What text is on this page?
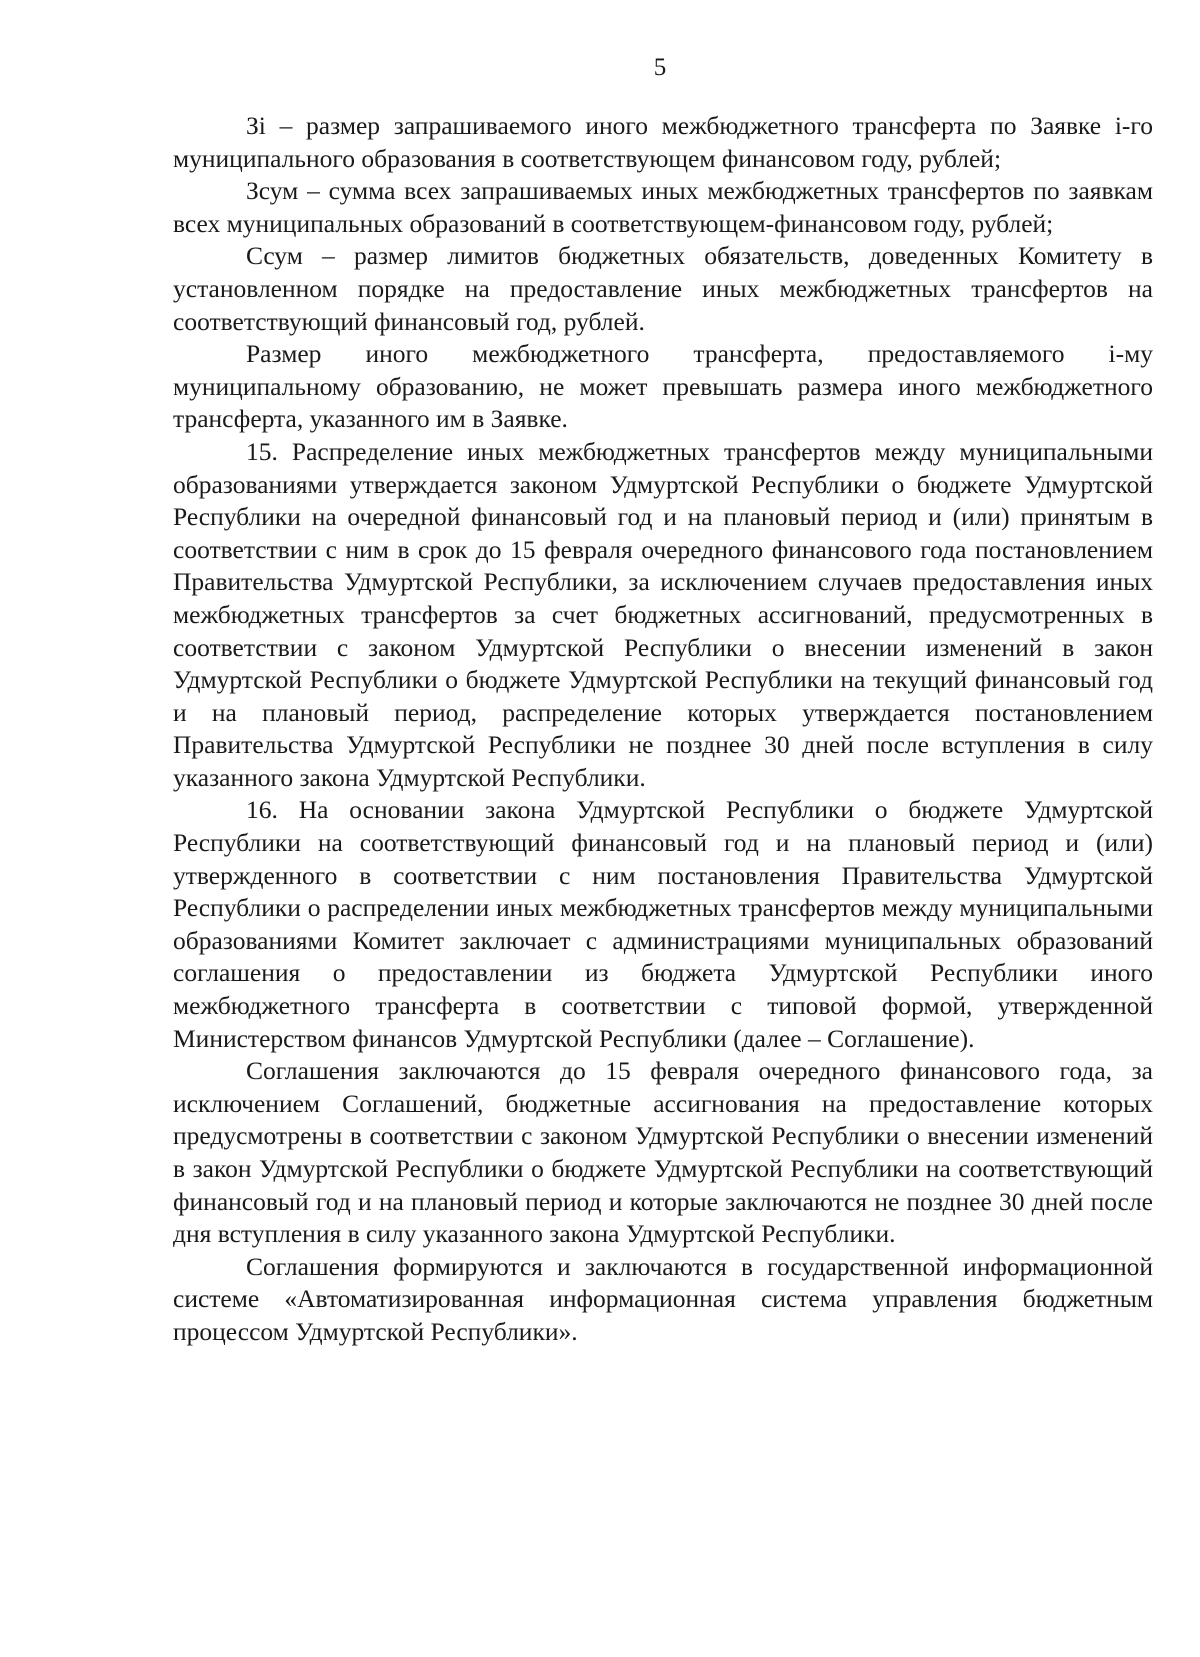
5

Зi – размер запрашиваемого иного межбюджетного трансферта по Заявке i-го муниципального образования в соответствующем финансовом году, рублей;

Зсум – сумма всех запрашиваемых иных межбюджетных трансфертов по заявкам всех муниципальных образований в соответствующем-финансовом году, рублей;

Ссум – размер лимитов бюджетных обязательств, доведенных Комитету в установленном порядке на предоставление иных межбюджетных трансфертов на соответствующий финансовый год, рублей.

Размер иного межбюджетного трансферта, предоставляемого i-му муниципальному образованию, не может превышать размера иного межбюджетного трансферта, указанного им в Заявке.

15. Распределение иных межбюджетных трансфертов между муниципальными образованиями утверждается законом Удмуртской Республики о бюджете Удмуртской Республики на очередной финансовый год и на плановый период и (или) принятым в соответствии с ним в срок до 15 февраля очередного финансового года постановлением Правительства Удмуртской Республики, за исключением случаев предоставления иных межбюджетных трансфертов за счет бюджетных ассигнований, предусмотренных в соответствии с законом Удмуртской Республики о внесении изменений в закон Удмуртской Республики о бюджете Удмуртской Республики на текущий финансовый год и на плановый период, распределение которых утверждается постановлением Правительства Удмуртской Республики не позднее 30 дней после вступления в силу указанного закона Удмуртской Республики.

16. На основании закона Удмуртской Республики о бюджете Удмуртской Республики на соответствующий финансовый год и на плановый период и (или) утвержденного в соответствии с ним постановления Правительства Удмуртской Республики о распределении иных межбюджетных трансфертов между муниципальными образованиями Комитет заключает с администрациями муниципальных образований соглашения о предоставлении из бюджета Удмуртской Республики иного межбюджетного трансферта в соответствии с типовой формой, утвержденной Министерством финансов Удмуртской Республики (далее – Соглашение).

Соглашения заключаются до 15 февраля очередного финансового года, за исключением Соглашений, бюджетные ассигнования на предоставление которых предусмотрены в соответствии с законом Удмуртской Республики о внесении изменений в закон Удмуртской Республики о бюджете Удмуртской Республики на соответствующий финансовый год и на плановый период и которые заключаются не позднее 30 дней после дня вступления в силу указанного закона Удмуртской Республики.

Соглашения формируются и заключаются в государственной информационной системе «Автоматизированная информационная система управления бюджетным процессом Удмуртской Республики».
